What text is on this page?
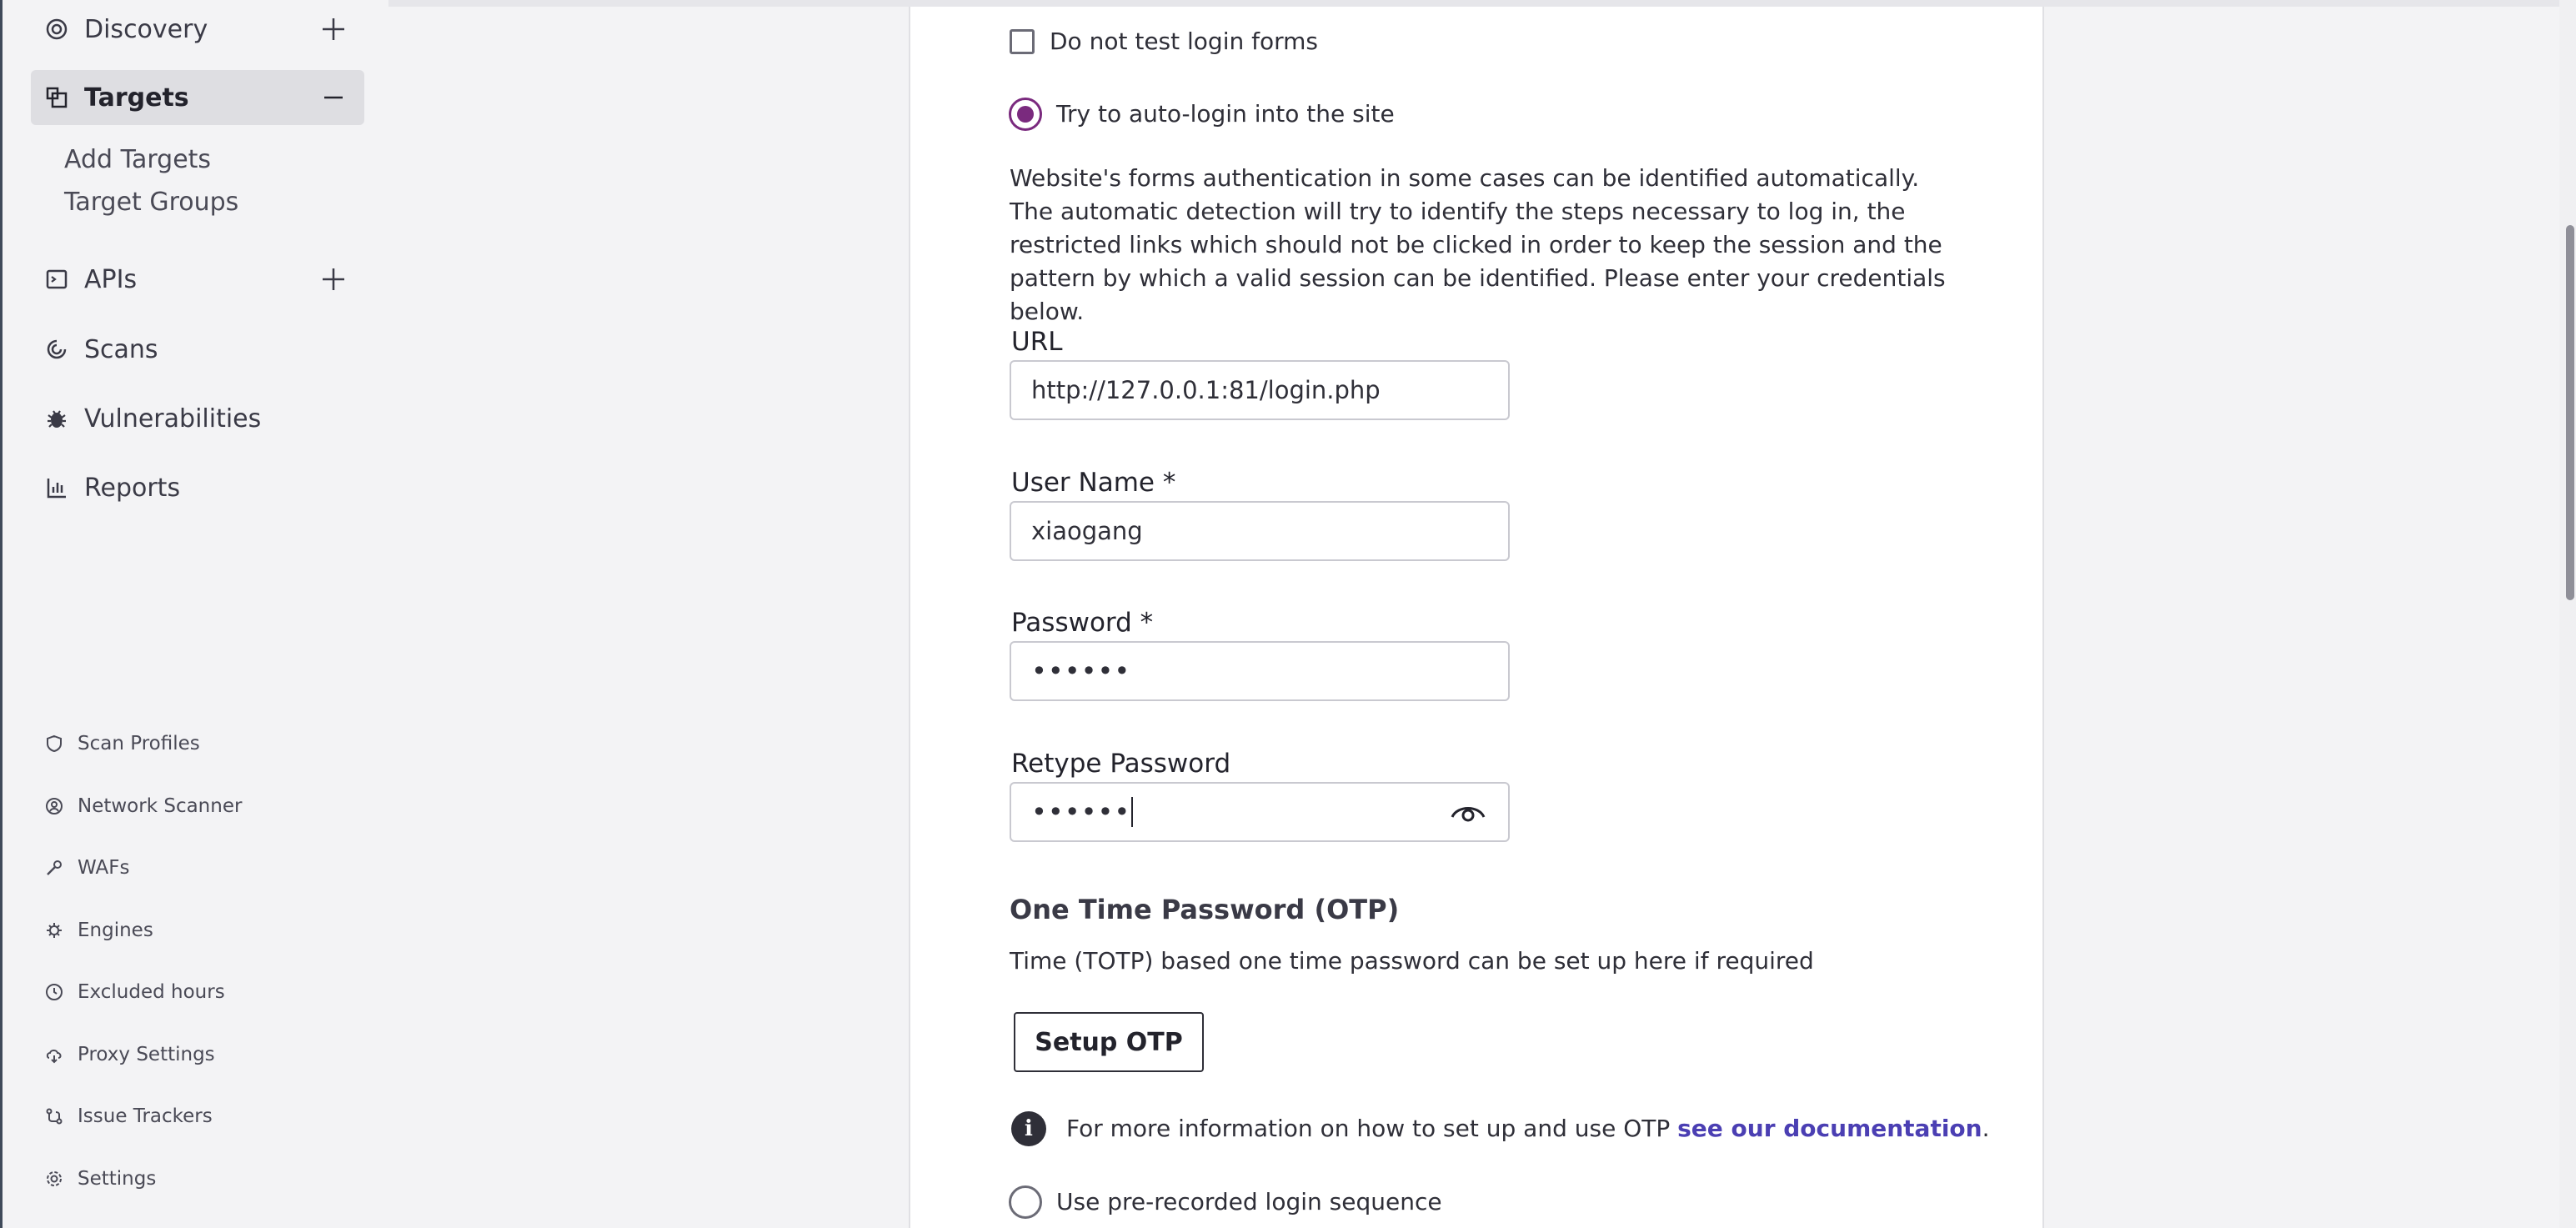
Discovery
Targets
Add Targets
Target Groups
APIs
Scans
Vulnerabilities
Reports
Scan Profiles
Network Scanner
WAFs
Engines
Excluded hours
Proxy Settings
Issue Trackers
Settings
Do not test login forms
Try to auto-login into the site
Website's forms authentication in some cases can be identified automatically. The automatic detection will try to identify the steps necessary to log in, the restricted links which should not be clicked in order to keep the session and the pattern by which a valid session can be identified. Please enter your credentials below.
URL
http://127.0.0.1:81/login.php
User Name *
xiaogang
Password *
••••••
Retype Password
••••••
One Time Password (OTP)
Time (TOTP) based one time password can be set up here if required
Setup OTP
i	For more information on how to set up and use OTP see our documentation.
Use pre-recorded login sequence
